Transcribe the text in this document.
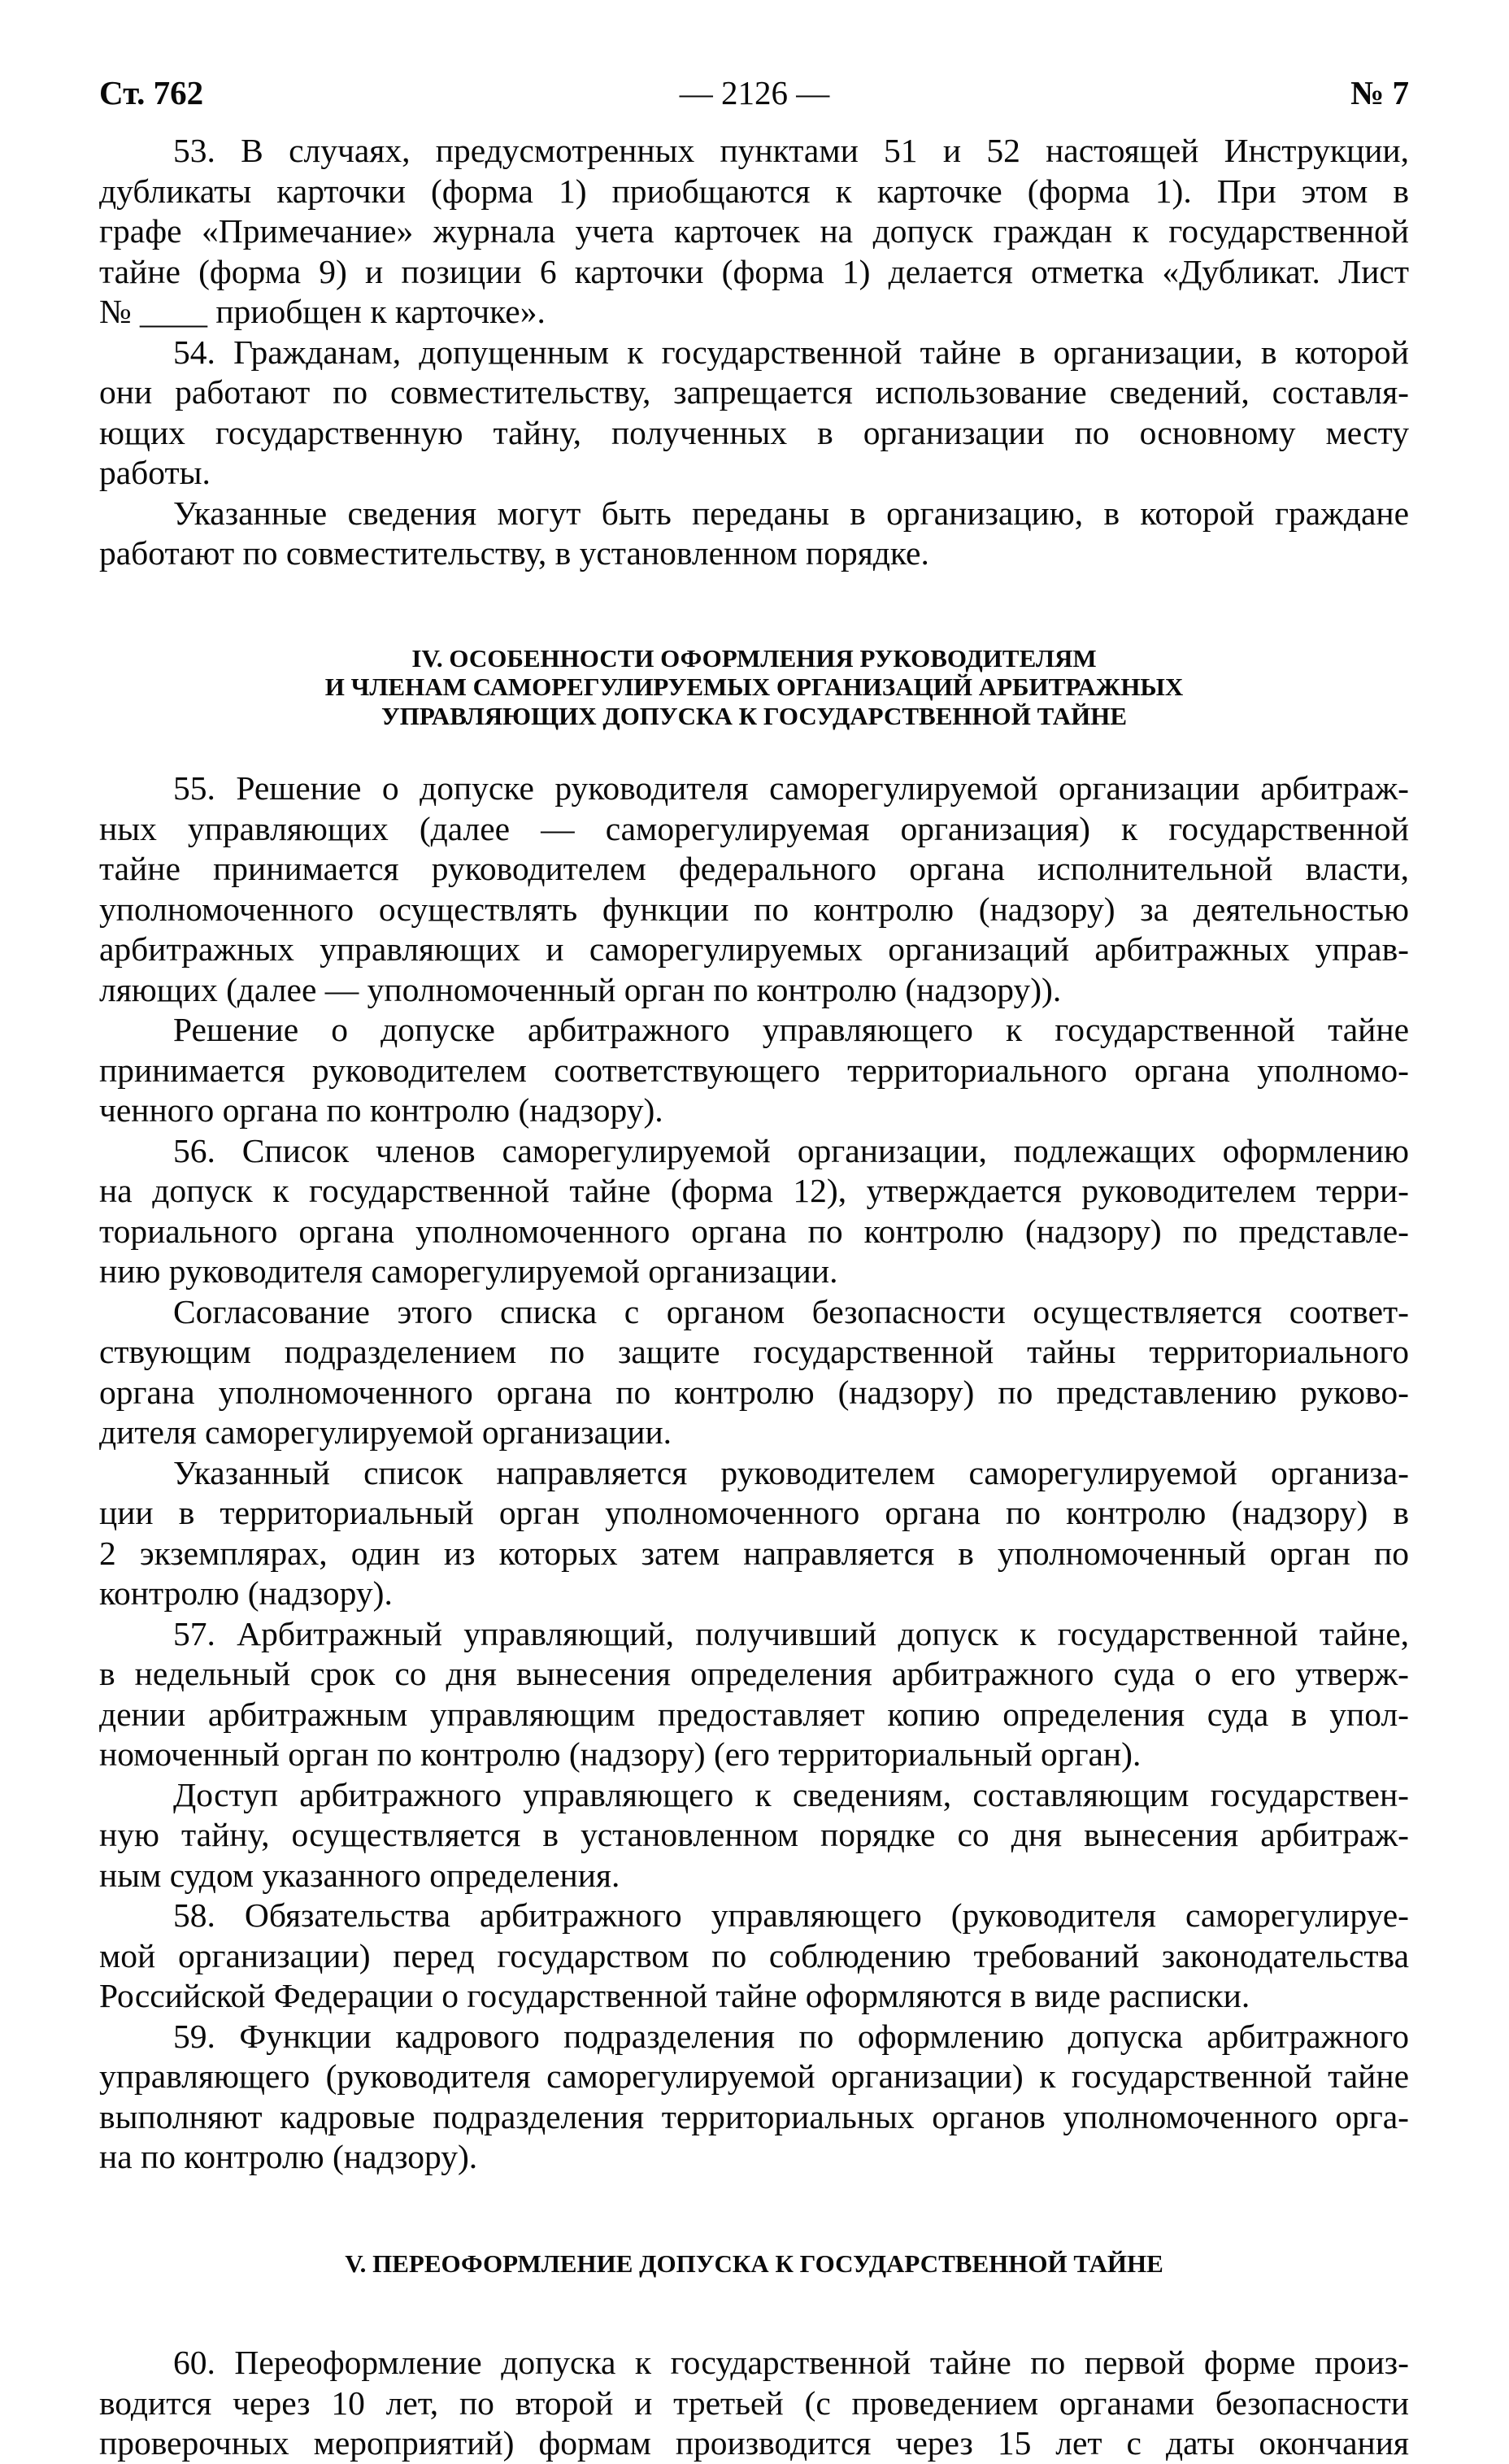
— 2126 —
Ст. 762	№ 7
53. В случаях, предусмотренных пунктами 51 и 52 настоящей Инструкции,
дубликаты карточки (форма 1) приобщаются к карточке (форма 1). При этом в
графе «Примечание» журнала учета карточек на допуск граждан к государственной
тайне (форма 9) и позиции 6 карточки (форма 1) делается отметка «Дубликат. Лист
№ ____ приобщен к карточке».
54. Гражданам, допущенным к государственной тайне в организации, в которой
они работают по совместительству, запрещается использование сведений, составля-
ющих государственную тайну, полученных в организации по основному месту
работы.
Указанные сведения могут быть переданы в организацию, в которой граждане
работают по совместительству, в установленном порядке.
IV. ОСОБЕННОСТИ ОФОРМЛЕНИЯ РУКОВОДИТЕЛЯМ
И ЧЛЕНАМ САМОРЕГУЛИРУЕМЫХ ОРГАНИЗАЦИЙ АРБИТРАЖНЫХ
УПРАВЛЯЮЩИХ ДОПУСКА К ГОСУДАРСТВЕННОЙ ТАЙНЕ
55. Решение о допуске руководителя саморегулируемой организации арбитраж-
ных управляющих (далее — саморегулируемая организация) к государственной
тайне принимается руководителем федерального органа исполнительной власти,
уполномоченного осуществлять функции по контролю (надзору) за деятельностью
арбитражных управляющих и саморегулируемых организаций арбитражных управ-
ляющих (далее — уполномоченный орган по контролю (надзору)).
Решение о допуске арбитражного управляющего к государственной тайне
принимается руководителем соответствующего территориального органа уполномо-
ченного органа по контролю (надзору).
56. Список членов саморегулируемой организации, подлежащих оформлению
на допуск к государственной тайне (форма 12), утверждается руководителем терри-
ториального органа уполномоченного органа по контролю (надзору) по представле-
нию руководителя саморегулируемой организации.
Согласование этого списка с органом безопасности осуществляется соответ-
ствующим подразделением по защите государственной тайны территориального
органа уполномоченного органа по контролю (надзору) по представлению руково-
дителя саморегулируемой организации.
Указанный список направляется руководителем саморегулируемой организа-
ции в территориальный орган уполномоченного органа по контролю (надзору) в
2 экземплярах, один из которых затем направляется в уполномоченный орган по
контролю (надзору).
57. Арбитражный управляющий, получивший допуск к государственной тайне,
в недельный срок со дня вынесения определения арбитражного суда о его утверж-
дении арбитражным управляющим предоставляет копию определения суда в упол-
номоченный орган по контролю (надзору) (его территориальный орган).
Доступ арбитражного управляющего к сведениям, составляющим государствен-
ную тайну, осуществляется в установленном порядке со дня вынесения арбитраж-
ным судом указанного определения.
58. Обязательства арбитражного управляющего (руководителя саморегулируе-
мой организации) перед государством по соблюдению требований законодательства
Российской Федерации о государственной тайне оформляются в виде расписки.
59. Функции кадрового подразделения по оформлению допуска арбитражного
управляющего (руководителя саморегулируемой организации) к государственной тайне
выполняют кадровые подразделения территориальных органов уполномоченного орга-
на по контролю (надзору).
V. ПЕРЕОФОРМЛЕНИЕ ДОПУСКА К ГОСУДАРСТВЕННОЙ ТАЙНЕ
60. Переоформление допуска к государственной тайне по первой форме произ-
водится через 10 лет, по второй и третьей (с проведением органами безопасности
проверочных мероприятий) формам производится через 15 лет с даты окончания
